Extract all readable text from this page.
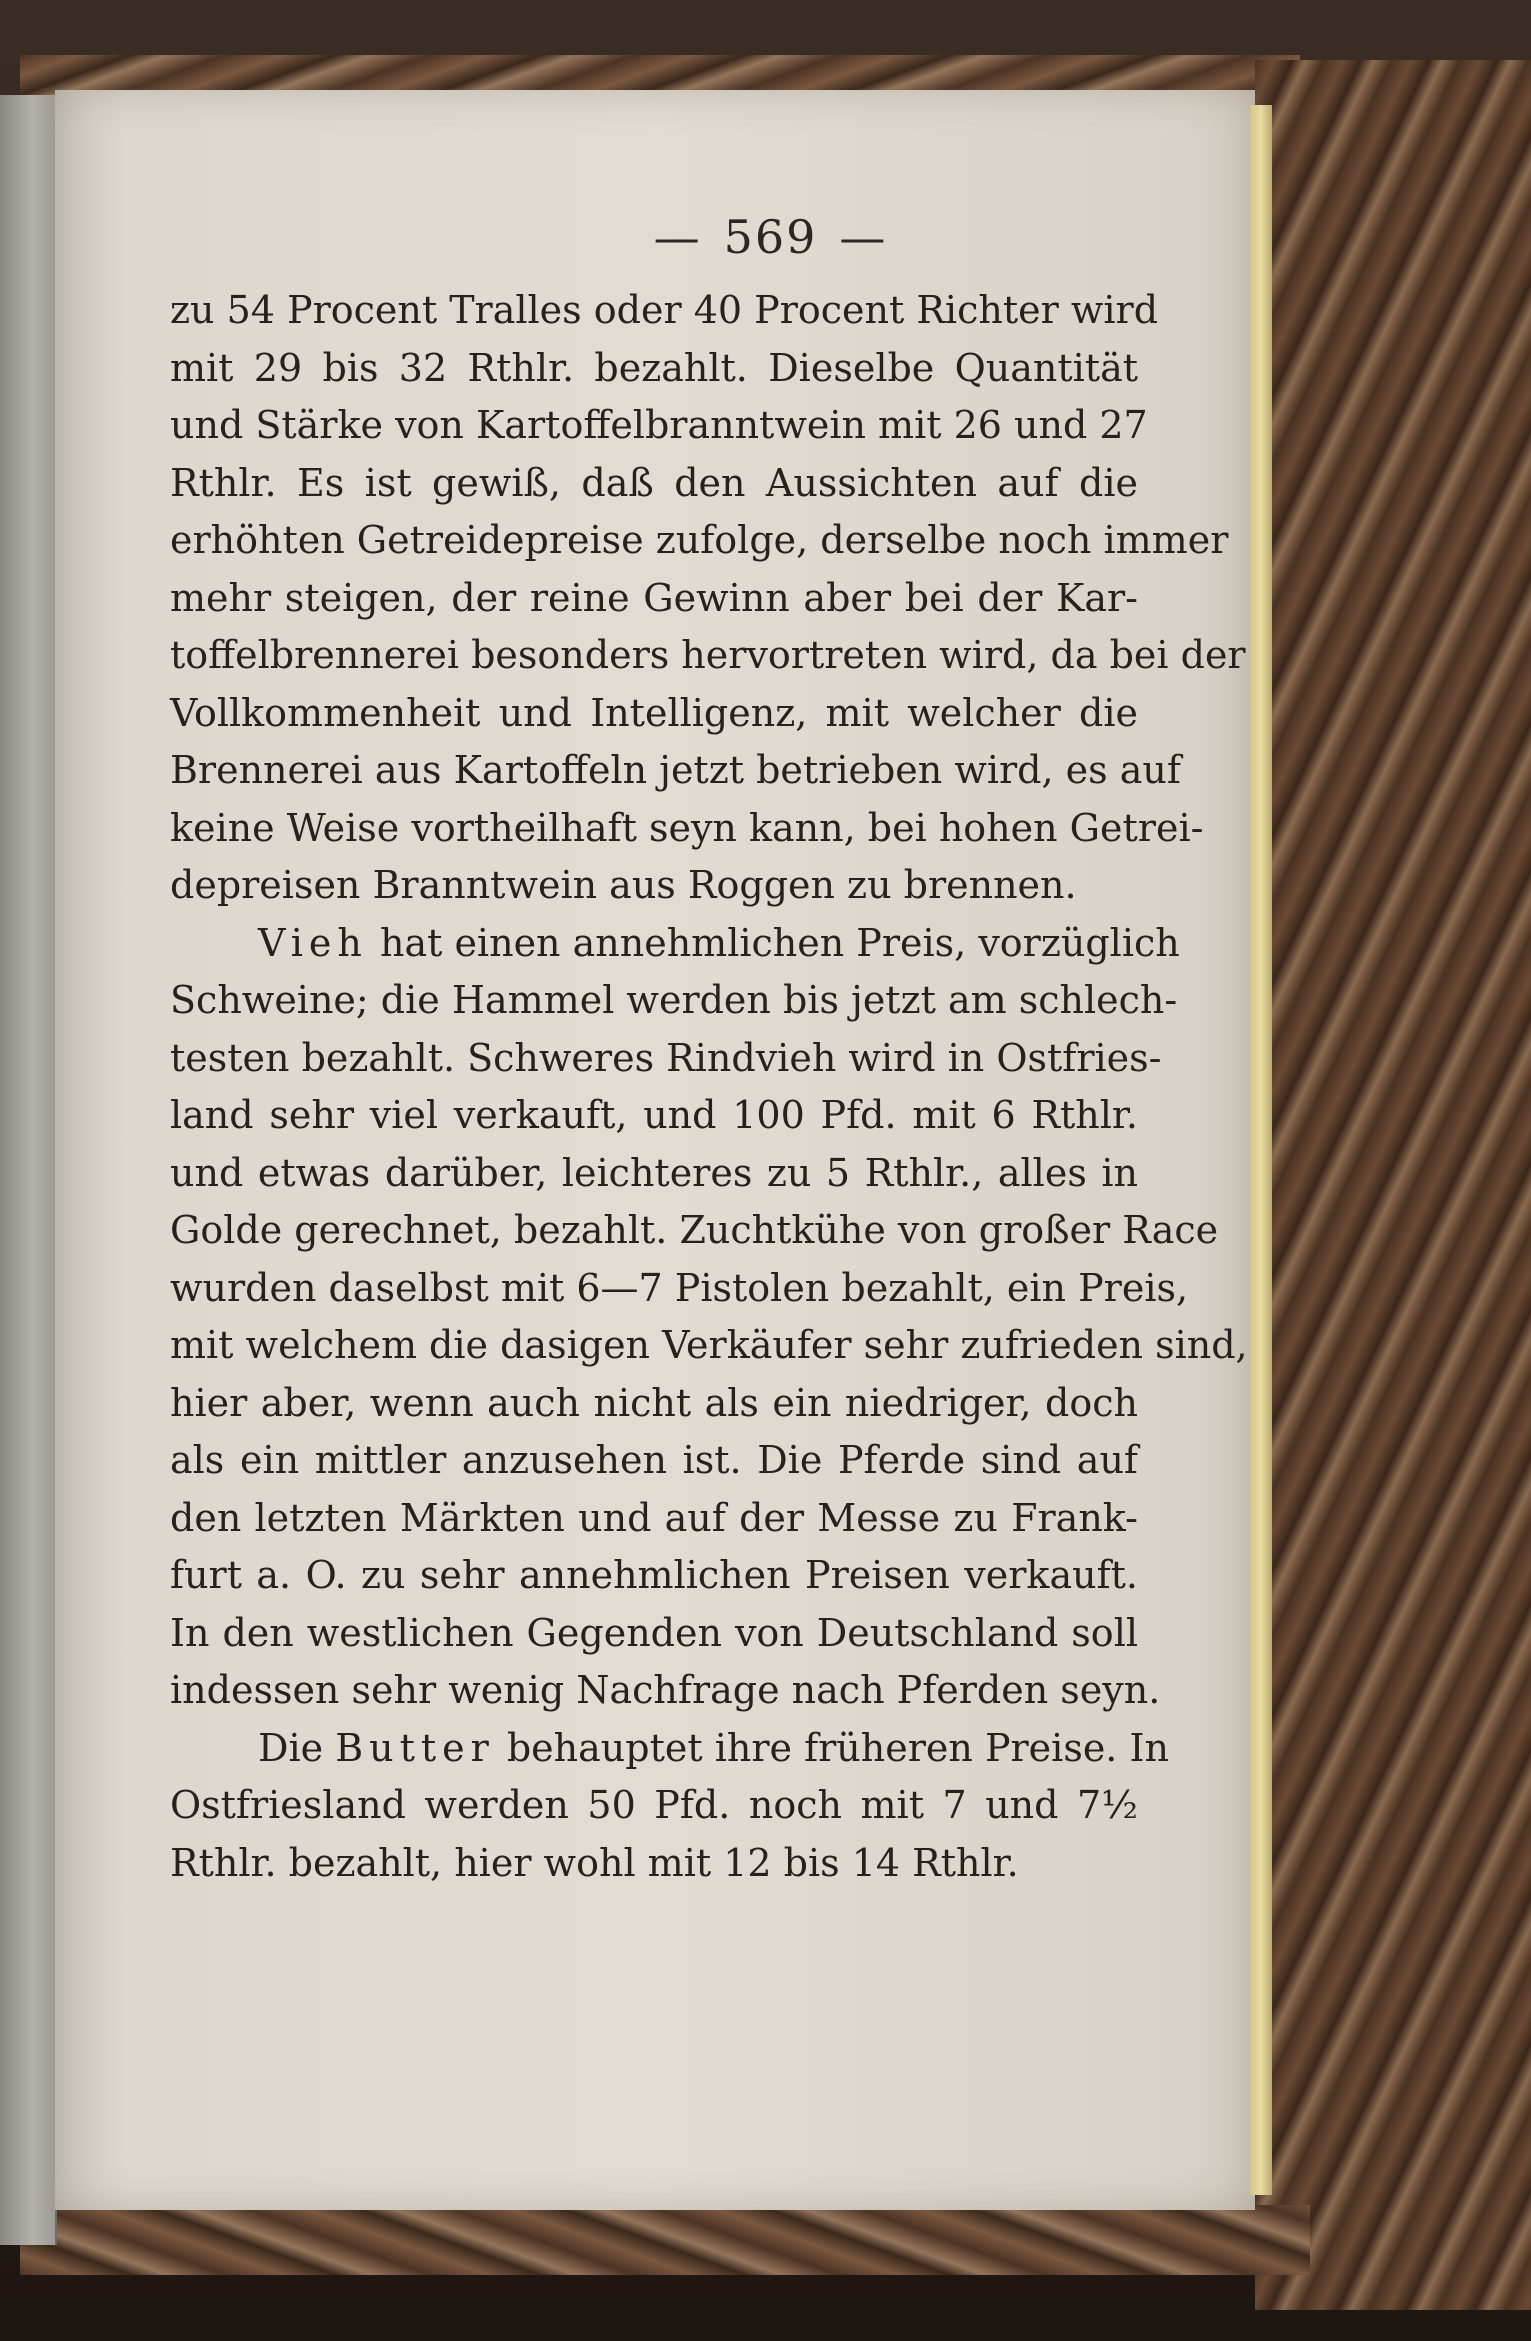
— 569 —
zu 54 Procent Tralles oder 40 Procent Richter wird
mit 29 bis 32 Rthlr. bezahlt. Dieselbe Quantität
und Stärke von Kartoffelbranntwein mit 26 und 27
Rthlr. Es ist gewiß, daß den Aussichten auf die
erhöhten Getreidepreise zufolge, derselbe noch immer
mehr steigen, der reine Gewinn aber bei der Kar-
toffelbrennerei besonders hervortreten wird, da bei der
Vollkommenheit und Intelligenz, mit welcher die
Brennerei aus Kartoffeln jetzt betrieben wird, es auf
keine Weise vortheilhaft seyn kann, bei hohen Getrei-
depreisen Branntwein aus Roggen zu brennen.
Vieh hat einen annehmlichen Preis, vorzüglich
Schweine; die Hammel werden bis jetzt am schlech-
testen bezahlt. Schweres Rindvieh wird in Ostfries-
land sehr viel verkauft, und 100 Pfd. mit 6 Rthlr.
und etwas darüber, leichteres zu 5 Rthlr., alles in
Golde gerechnet, bezahlt. Zuchtkühe von großer Race
wurden daselbst mit 6—7 Pistolen bezahlt, ein Preis,
mit welchem die dasigen Verkäufer sehr zufrieden sind,
hier aber, wenn auch nicht als ein niedriger, doch
als ein mittler anzusehen ist. Die Pferde sind auf
den letzten Märkten und auf der Messe zu Frank-
furt a. O. zu sehr annehmlichen Preisen verkauft.
In den westlichen Gegenden von Deutschland soll
indessen sehr wenig Nachfrage nach Pferden seyn.
Die Butter behauptet ihre früheren Preise. In
Ostfriesland werden 50 Pfd. noch mit 7 und 7½
Rthlr. bezahlt, hier wohl mit 12 bis 14 Rthlr.
